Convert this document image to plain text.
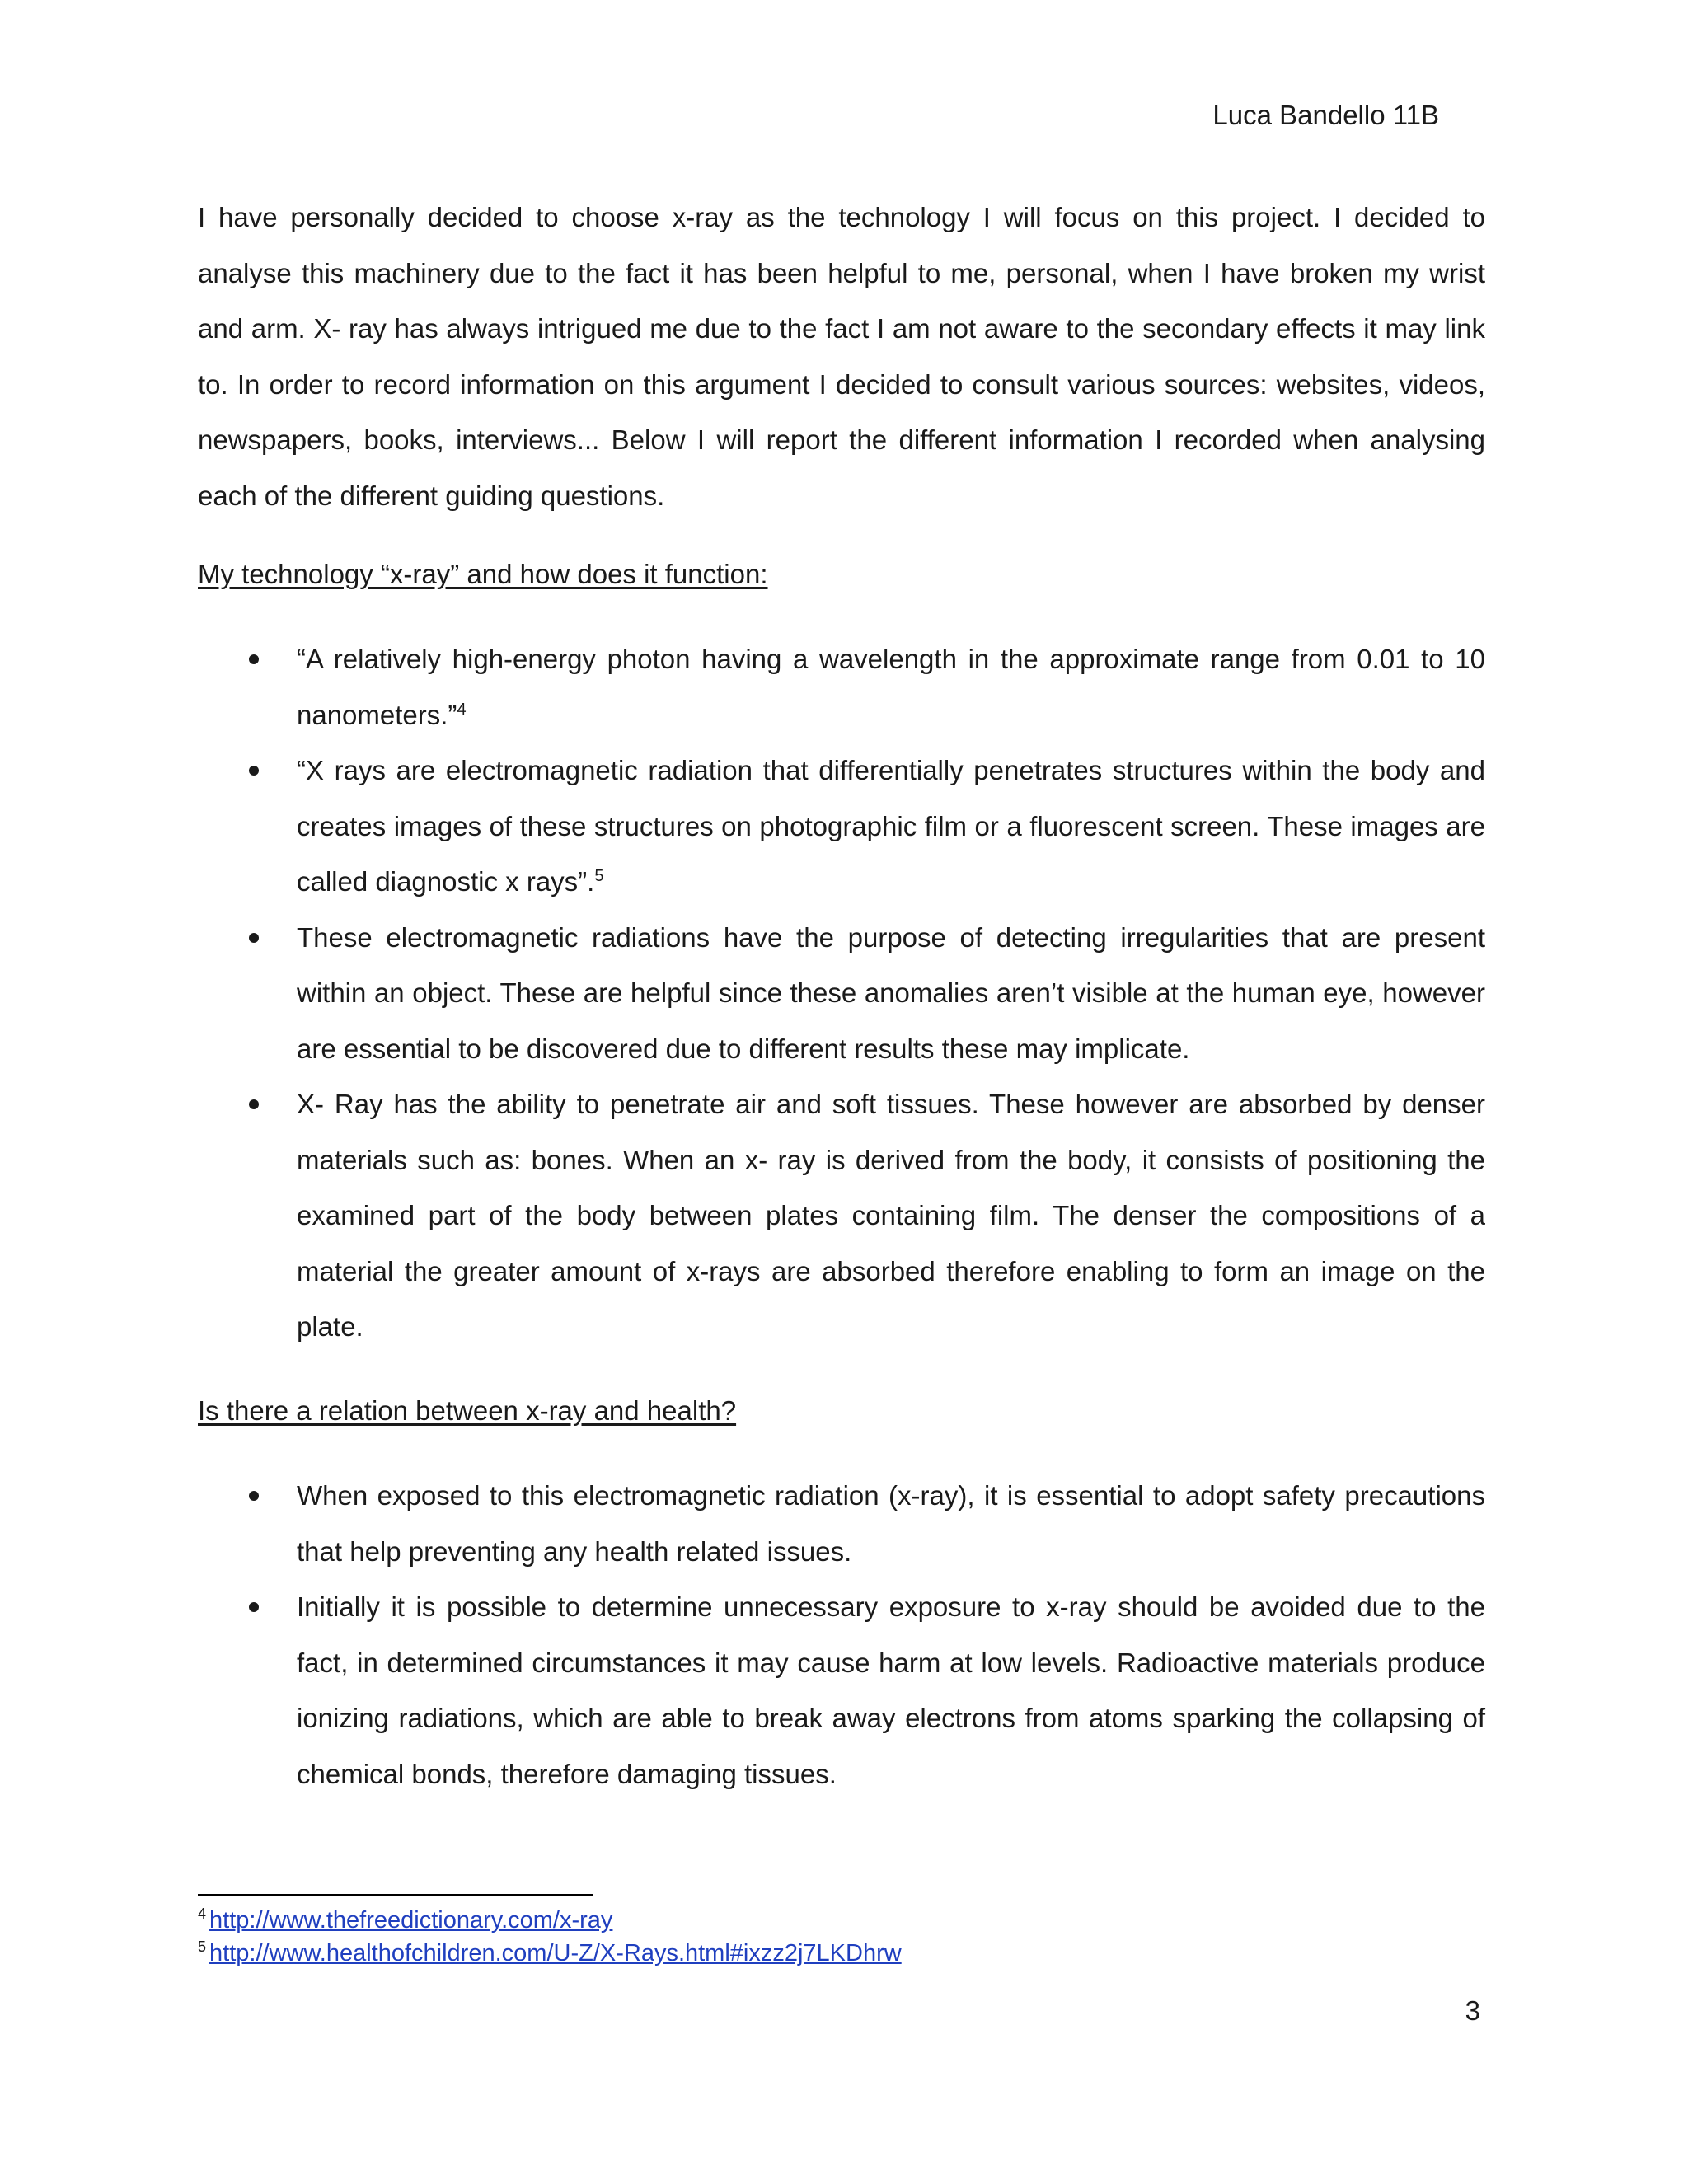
Luca Bandello 11B

I have personally decided to choose x-ray as the technology I will focus on this project. I decided to analyse this machinery due to the fact it has been helpful to me, personal, when I have broken my wrist and arm. X- ray has always intrigued me due to the fact I am not aware to the secondary effects it may link to. In order to record information on this argument I decided to consult various sources: websites, videos, newspapers, books, interviews... Below I will report the different information I recorded when analysing each of the different guiding questions.

My technology “x-ray” and how does it function:
“A relatively high-energy photon having a wavelength in the approximate range from 0.01 to 10 nanometers.”$^4$
“X rays are electromagnetic radiation that differentially penetrates structures within the body and creates images of these structures on photographic film or a fluorescent screen. These images are called diagnostic x rays”.$^5$
These electromagnetic radiations have the purpose of detecting irregularities that are present within an object. These are helpful since these anomalies aren’t visible at the human eye, however are essential to be discovered due to different results these may implicate.
X- Ray has the ability to penetrate air and soft tissues. These however are absorbed by denser materials such as: bones. When an x- ray is derived from the body, it consists of positioning the examined part of the body between plates containing film. The denser the compositions of a material the greater amount of x-rays are absorbed therefore enabling to form an image on the plate.
Is there a relation between x-ray and health?
When exposed to this electromagnetic radiation (x-ray), it is essential to adopt safety precautions that help preventing any health related issues.
Initially it is possible to determine unnecessary exposure to x-ray should be avoided due to the fact, in determined circumstances it may cause harm at low levels. Radioactive materials produce ionizing radiations, which are able to break away electrons from atoms sparking the collapsing of chemical bonds, therefore damaging tissues.
$^4$ http://www.thefreedictionary.com/x-ray
$^5$ http://www.healthofchildren.com/U-Z/X-Rays.html#ixzz2j7LKDhrw
3
